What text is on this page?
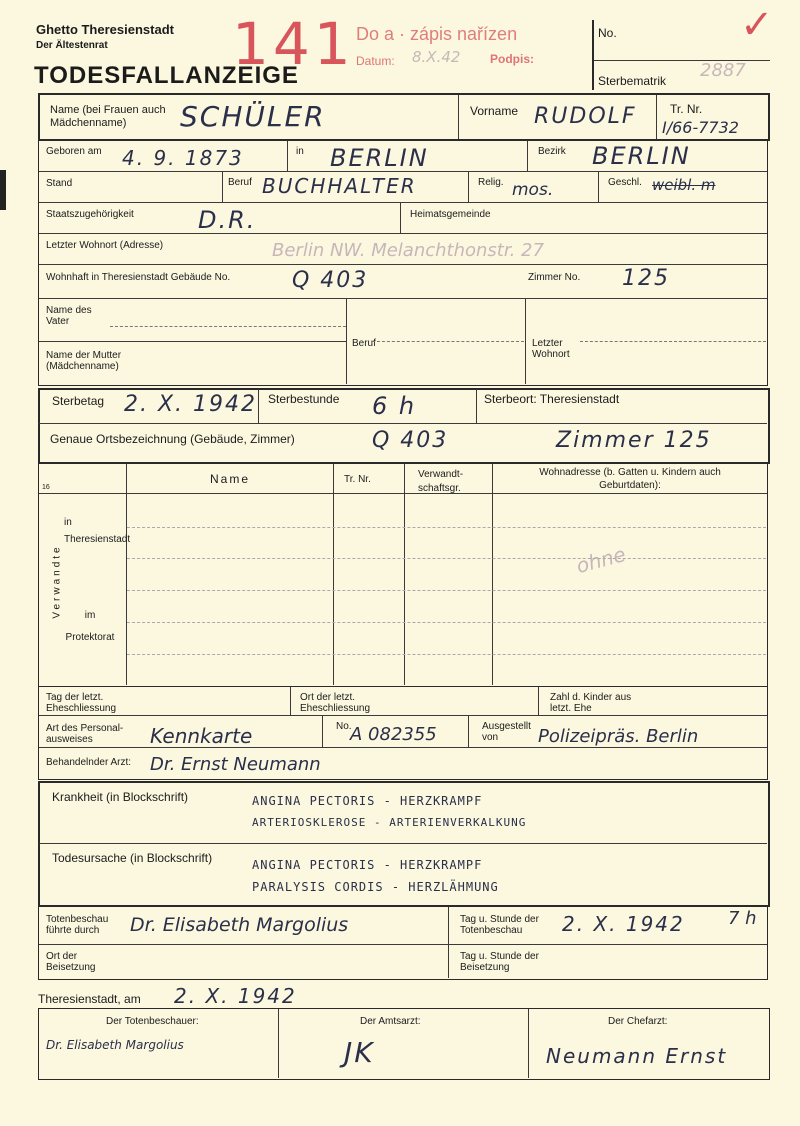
Ghetto Theresienstadt
Der Ältestenrat
TODESFALLANZEIGE
141 Do a · zápis nařízen
Datum: 8.X.42 Podpis:
No.
Sterbematrik 2887
✓
Name (bei Frauen auch Mädchenname)	SCHÜLER	Vorname RUDOLF	Tr. Nr.
I/66-7732
Geboren am 4. 9. 1873	in BERLIN	Bezirk BERLIN
Stand	Beruf BUCHHALTER	Relig. mos.	Geschl. weibl. m
Staatszugehörigkeit	D.R.	Heimatsgemeinde
Letzter Wohnort (Adresse)	Berlin NW. Melanchthonstr. 27
Wohnhaft in Theresienstadt Gebäude No.	Q 403	Zimmer No. 125
Name des Vater
Name der Mutter (Mädchenname)
Beruf	Letzter Wohnort
Sterbetag 2. X. 1942 Sterbestunde 6 h	Sterbeort: Theresienstadt
Genaue Ortsbezeichnung (Gebäude, Zimmer)	Q 403	Zimmer 125
16
Name	Tr. Nr.	Verwandt-schaftsgr.
Wohnadresse (b. Gatten u. Kindern auch Geburtdaten):
Verwandte
in Theresienstadt
im Protektorat
ohne
Tag der letzt. Eheschliessung
Ort der letzt. Eheschliessung
Zahl d. Kinder aus letzt. Ehe
Art des Personal-ausweises	Kennkarte	No.
A 082355	Ausgestellt von	Polizeipräs. Berlin
Behandelnder Arzt: Dr. Ernst Neumann
Krankheit (in Blockschrift)	ANGINA PECTORIS - HERZKRAMPF
ARTERIOSKLEROSE - ARTERIENVERKALKUNG
Todesursache (in Blockschrift)	ANGINA PECTORIS - HERZKRAMPF
PARALYSIS CORDIS - HERZLÄHMUNG
Totenbeschau führte durch	Dr. Elisabeth Margolius	Tag u. Stunde der Totenbeschau	2. X. 1942 7 h
Ort der Beisetzung
Tag u. Stunde der Beisetzung
Theresienstadt, am 2. X. 1942
Der Totenbeschauer:
Dr. Elisabeth Margolius
Der Amtsarzt:
JK
Der Chefarzt:
Neumann Ernst
